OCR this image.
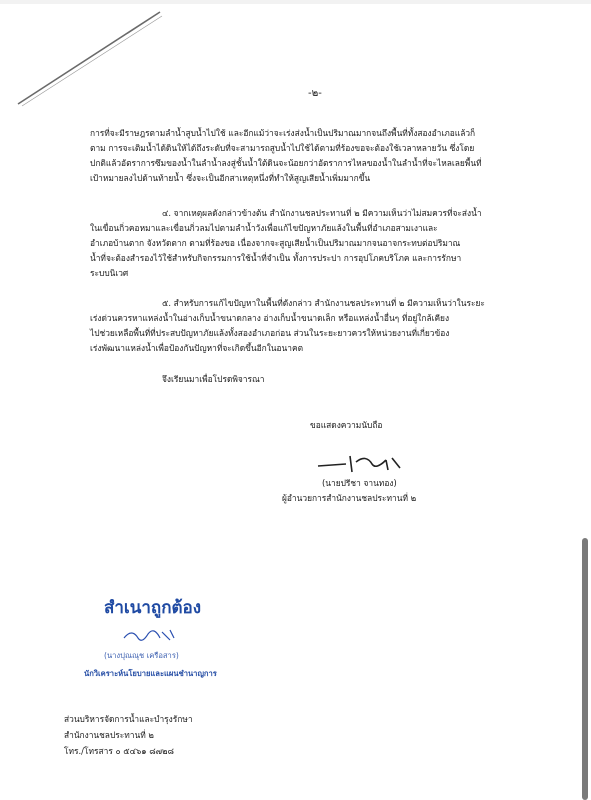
-๒-
การที่จะมีราษฎรตามลำน้ำสูบน้ำไปใช้ และอีกแม้ว่าจะเร่งส่งน้ำเป็นปริมาณมากจนถึงพื้นที่ทั้งสองอำเภอแล้วก็
ตาม การจะเติมน้ำได้ดินให้ได้ถึงระดับที่จะสามารถสูบน้ำไปใช้ได้ตามที่ร้องขอจะต้องใช้เวลาหลายวัน ซึ่งโดย
ปกติแล้วอัตราการซึมของน้ำในลำน้ำลงสู่ชั้นน้ำใต้ดินจะน้อยกว่าอัตราการไหลของน้ำในลำน้ำที่จะไหลเลยพื้นที่
เป้าหมายลงไปด้านท้ายน้ำ ซึ่งจะเป็นอีกสาเหตุหนึ่งที่ทำให้สูญเสียน้ำเพิ่มมากขึ้น
๔. จากเหตุผลดังกล่าวข้างต้น สำนักงานชลประทานที่ ๒ มีความเห็นว่าไม่สมควรที่จะส่งน้ำ
ในเขื่อนกิ่วคอหมาและเขื่อนกิ่วลมไปตามลำน้ำวังเพื่อแก้ไขปัญหาภัยแล้งในพื้นที่อำเภอสามเงาและ
อำเภอบ้านตาก จังหวัดตาก ตามที่ร้องขอ เนื่องจากจะสูญเสียน้ำเป็นปริมาณมากจนอาจกระทบต่อปริมาณ
น้ำที่จะต้องสำรองไว้ใช้สำหรับกิจกรรมการใช้น้ำที่จำเป็น ทั้งการประปา การอุปโภคบริโภค และการรักษา
ระบบนิเวศ
๕. สำหรับการแก้ไขปัญหาในพื้นที่ดังกล่าว สำนักงานชลประทานที่ ๒ มีความเห็นว่าในระยะ
เร่งด่วนควรหาแหล่งน้ำในอ่างเก็บน้ำขนาดกลาง อ่างเก็บน้ำขนาดเล็ก หรือแหล่งน้ำอื่นๆ ที่อยู่ใกล้เคียง
ไปช่วยเหลือพื้นที่ที่ประสบปัญหาภัยแล้งทั้งสองอำเภอก่อน ส่วนในระยะยาวควรให้หน่วยงานที่เกี่ยวข้อง
เร่งพัฒนาแหล่งน้ำเพื่อป้องกันปัญหาที่จะเกิดขึ้นอีกในอนาคต
จึงเรียนมาเพื่อโปรดพิจารณา
ขอแสดงความนับถือ
(นายปรีชา จานทอง)
ผู้อำนวยการสำนักงานชลประทานที่ ๒
สำเนาถูกต้อง
(นางปุณณุช เครือสาร)
นักวิเคราะห์นโยบายและแผนชำนาญการ
ส่วนบริหารจัดการน้ำและบำรุงรักษา
สำนักงานชลประทานที่ ๒
โทร./โทรสาร ๐ ๕๔๖๑ ๘๗๒๘
